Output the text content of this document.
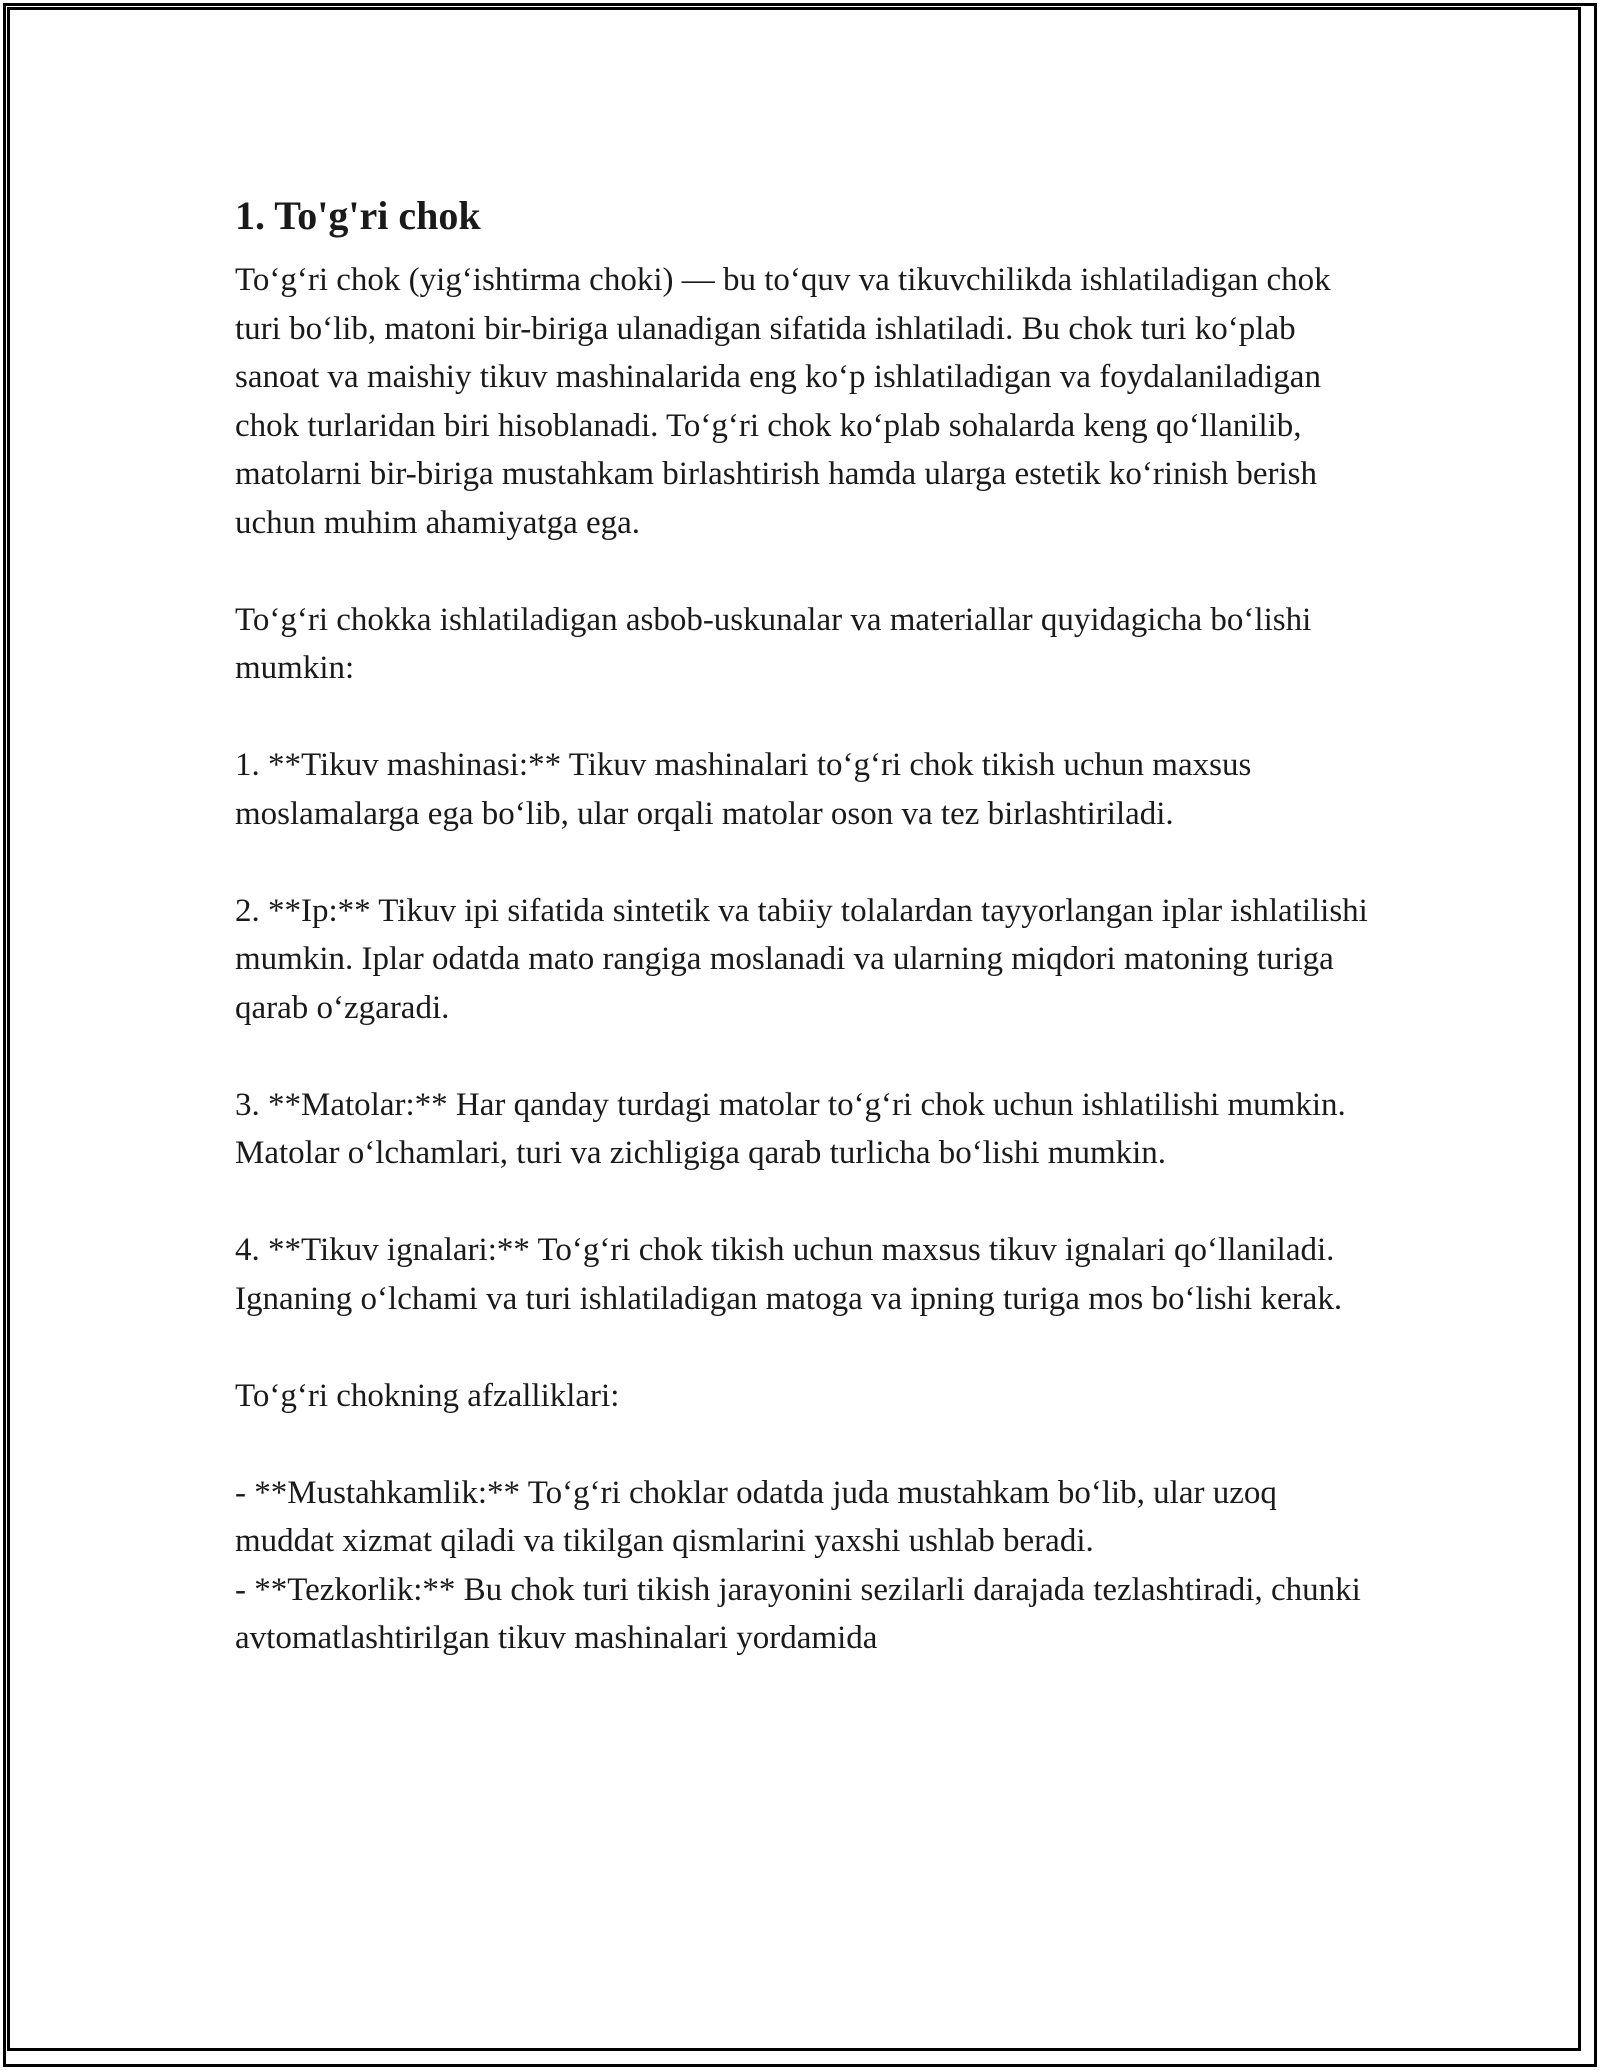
1. To'g'ri chok

To‘g‘ri chok (yig‘ishtirma choki) — bu to‘quv va tikuvchilikda ishlatiladigan chok turi bo‘lib, matoni bir-biriga ulanadigan sifatida ishlatiladi. Bu chok turi ko‘plab sanoat va maishiy tikuv mashinalarida eng ko‘p ishlatiladigan va foydalaniladigan chok turlaridan biri hisoblanadi. To‘g‘ri chok ko‘plab sohalarda keng qo‘llanilib, matolarni bir-biriga mustahkam birlashtirish hamda ularga estetik ko‘rinish berish uchun muhim ahamiyatga ega.

To‘g‘ri chokka ishlatiladigan asbob-uskunalar va materiallar quyidagicha bo‘lishi mumkin:

1. **Tikuv mashinasi:** Tikuv mashinalari to‘g‘ri chok tikish uchun maxsus moslamalarga ega bo‘lib, ular orqali matolar oson va tez birlashtiriladi.

2. **Ip:** Tikuv ipi sifatida sintetik va tabiiy tolalardan tayyorlangan iplar ishlatilishi mumkin. Iplar odatda mato rangiga moslanadi va ularning miqdori matoning turiga qarab o‘zgaradi.

3. **Matolar:** Har qanday turdagi matolar to‘g‘ri chok uchun ishlatilishi mumkin. Matolar o‘lchamlari, turi va zichligiga qarab turlicha bo‘lishi mumkin.

4. **Tikuv ignalari:** To‘g‘ri chok tikish uchun maxsus tikuv ignalari qo‘llaniladi. Ignaning o‘lchami va turi ishlatiladigan matoga va ipning turiga mos bo‘lishi kerak.

To‘g‘ri chokning afzalliklari:

- **Mustahkamlik:** To‘g‘ri choklar odatda juda mustahkam bo‘lib, ular uzoq muddat xizmat qiladi va tikilgan qismlarini yaxshi ushlab beradi.

- **Tezkorlik:** Bu chok turi tikish jarayonini sezilarli darajada tezlashtiradi, chunki avtomatlashtirilgan tikuv mashinalari yordamida
